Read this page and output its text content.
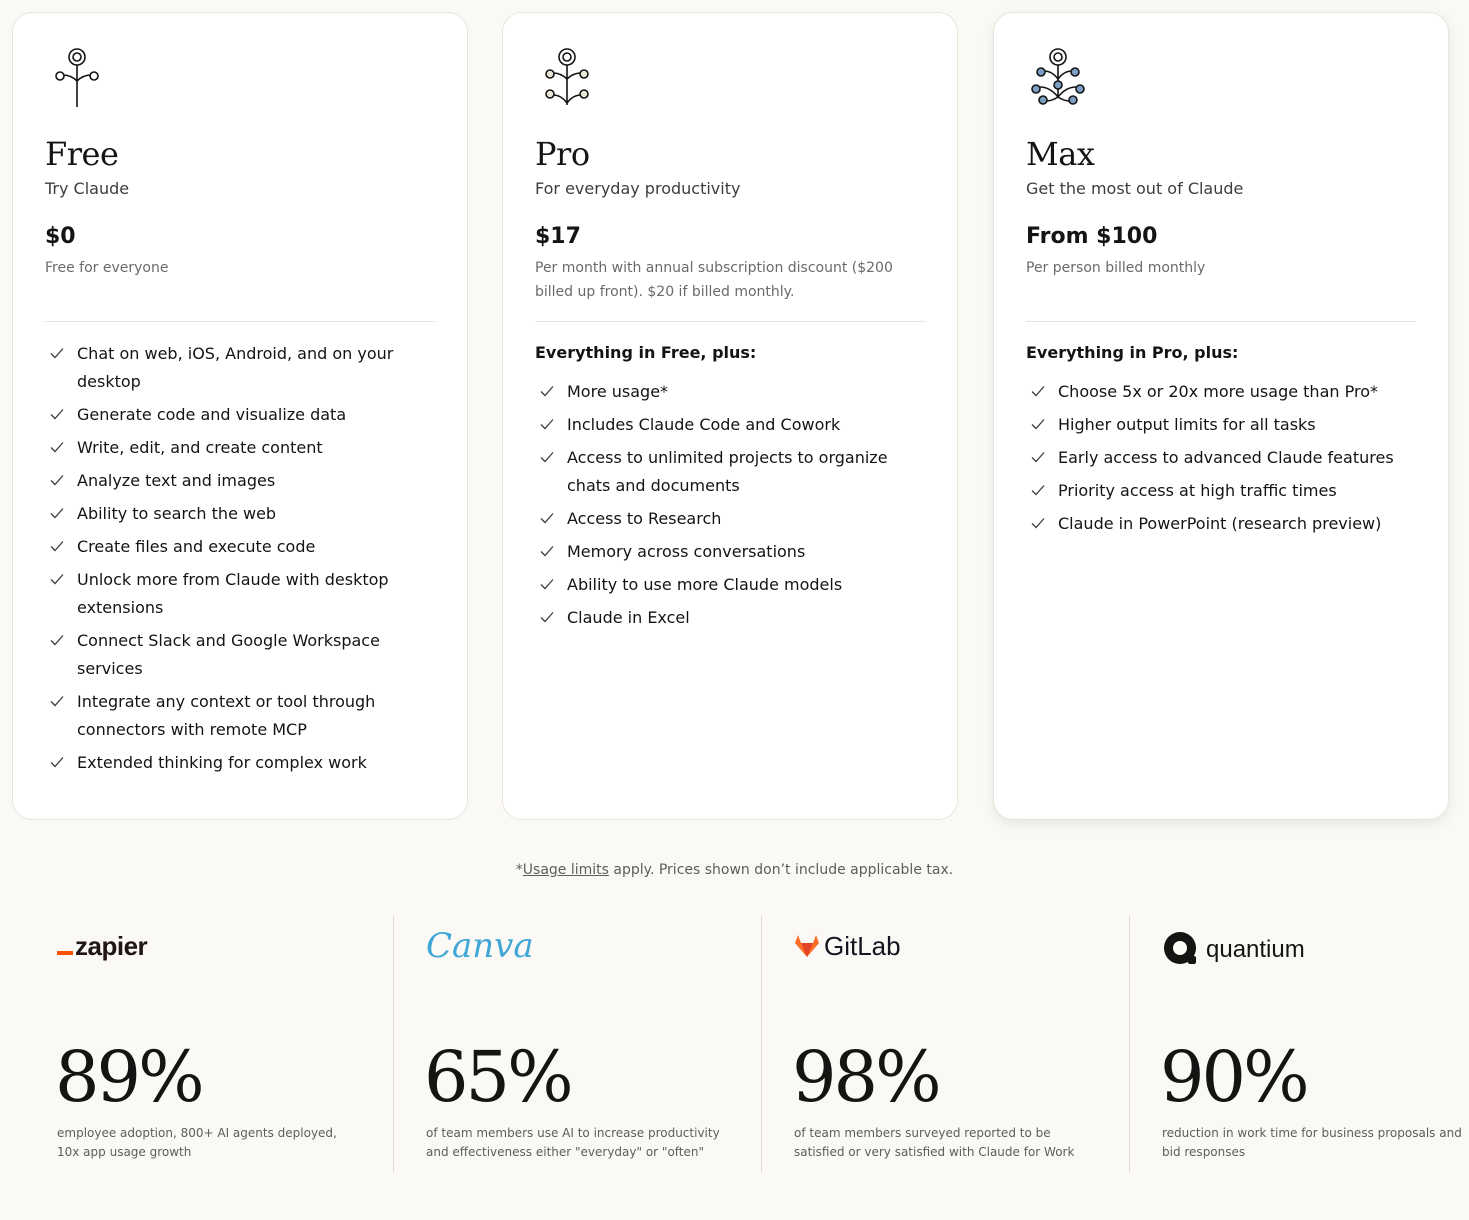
Free
Try Claude
$0
Free for everyone
Chat on web, iOS, Android, and on your desktop
Generate code and visualize data
Write, edit, and create content
Analyze text and images
Ability to search the web
Create files and execute code
Unlock more from Claude with desktop extensions
Connect Slack and Google Workspace services
Integrate any context or tool through connectors with remote MCP
Extended thinking for complex work
Pro
For everyday productivity
$17
Per month with annual subscription discount ($200 billed up front). $20 if billed monthly.
Everything in Free, plus:
More usage*
Includes Claude Code and Cowork
Access to unlimited projects to organize chats and documents
Access to Research
Memory across conversations
Ability to use more Claude models
Claude in Excel
Max
Get the most out of Claude
From $100
Per person billed monthly
Everything in Pro, plus:
Choose 5x or 20x more usage than Pro*
Higher output limits for all tasks
Early access to advanced Claude features
Priority access at high traffic times
Claude in PowerPoint (research preview)
*Usage limits apply. Prices shown don’t include applicable tax.
zapier
89%
employee adoption, 800+ AI agents deployed, 10x app usage growth
Canva
65%
of team members use AI to increase productivity and effectiveness either "everyday" or "often"
GitLab
98%
of team members surveyed reported to be satisfied or very satisfied with Claude for Work
quantium
90%
reduction in work time for business proposals and bid responses
